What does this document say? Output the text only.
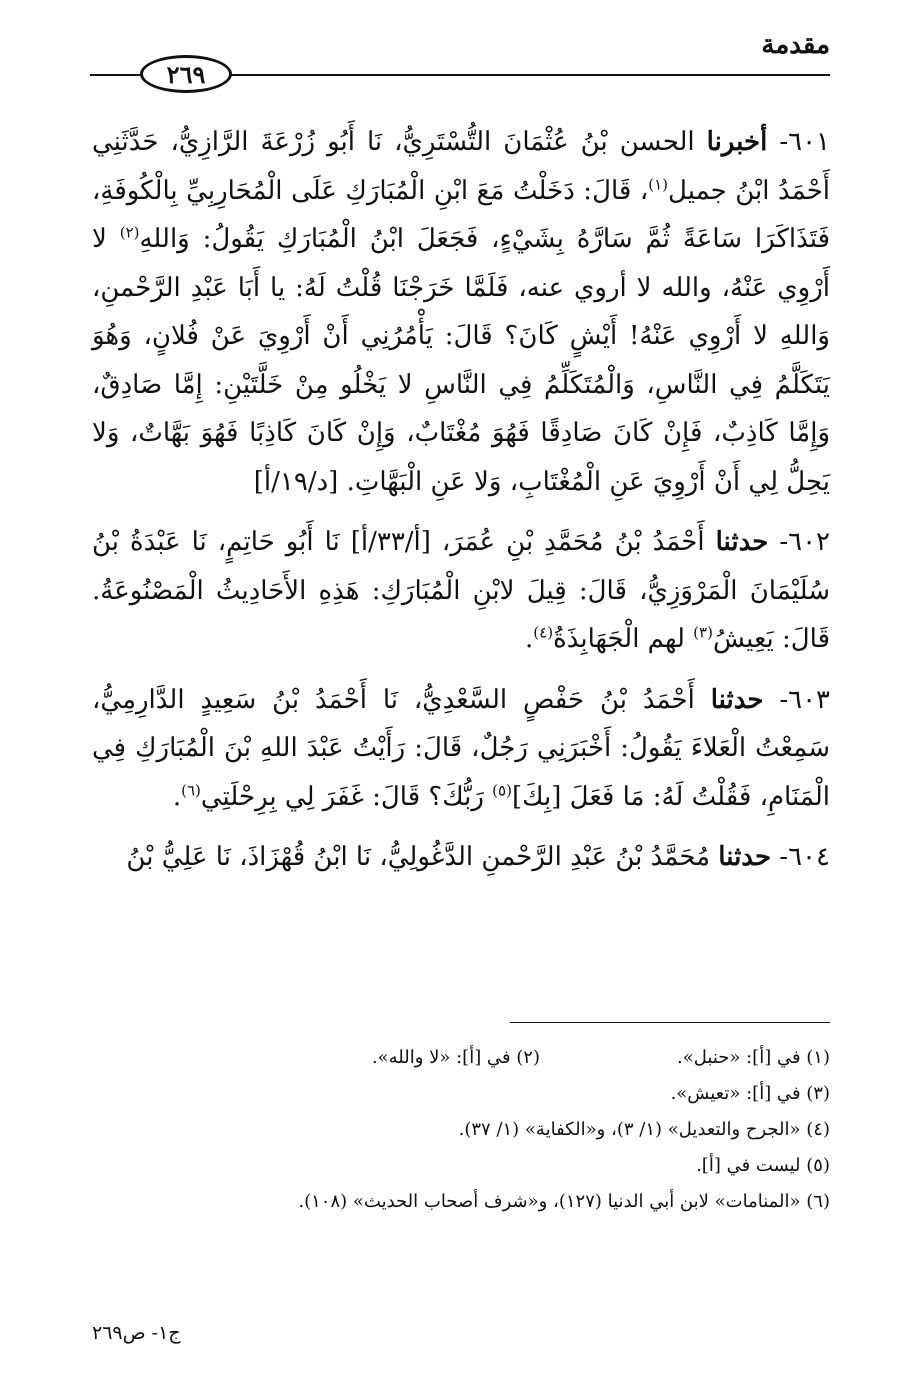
مقدمة
٢٦٩

٦٠١- أخبرنا الحسن بْنُ عُثْمَانَ التُّسْتَرِيُّ، نَا أَبُو زُرْعَةَ الرَّازِيُّ، حَدَّثَنِي أَحْمَدُ ابْنُ جميل$^{(١)}$، قَالَ: دَخَلْتُ مَعَ ابْنِ الْمُبَارَكِ عَلَى الْمُحَارِبِيِّ بِالْكُوفَةِ، فَتَذَاكَرَا سَاعَةً ثُمَّ سَارَّهُ بِشَيْءٍ، فَجَعَلَ ابْنُ الْمُبَارَكِ يَقُولُ: وَاللهِ$^{(٢)}$ لا أَرْوِي عَنْهُ، والله لا أروي عنه، فَلَمَّا خَرَجْنَا قُلْتُ لَهُ: يا أَبَا عَبْدِ الرَّحْمنِ، وَاللهِ لا أَرْوِي عَنْهُ! أَيْشٍ كَانَ؟ قَالَ: يَأْمُرُنِي أَنْ أَرْوِيَ عَنْ فُلانٍ، وَهُوَ يَتَكَلَّمُ فِي النَّاسِ، وَالْمُتَكَلِّمُ فِي النَّاسِ لا يَخْلُو مِنْ خَلَّتَيْنِ: إِمَّا صَادِقٌ، وَإِمَّا كَاذِبٌ، فَإِنْ كَانَ صَادِقًا فَهُوَ مُغْتَابٌ، وَإِنْ كَانَ كَاذِبًا فَهُوَ بَهَّاتٌ، وَلا يَحِلُّ لِي أَنْ أَرْوِيَ عَنِ الْمُغْتَابِ، وَلا عَنِ الْبَهَّاتِ. [د/١٩/أ]

٦٠٢- حدثنا أَحْمَدُ بْنُ مُحَمَّدِ بْنِ عُمَرَ، [أ/٣٣/أ] نَا أَبُو حَاتِمٍ، نَا عَبْدَةُ بْنُ سُلَيْمَانَ الْمَرْوَزِيُّ، قَالَ: قِيلَ لابْنِ الْمُبَارَكِ: هَذِهِ الأَحَادِيثُ الْمَصْنُوعَةُ. قَالَ: يَعِيشُ$^{(٣)}$ لهم الْجَهَابِذَةُ$^{(٤)}$.

٦٠٣- حدثنا أَحْمَدُ بْنُ حَفْصٍ السَّعْدِيُّ، نَا أَحْمَدُ بْنُ سَعِيدٍ الدَّارِمِيُّ، سَمِعْتُ الْعَلاءَ يَقُولُ: أَخْبَرَنِي رَجُلٌ، قَالَ: رَأَيْتُ عَبْدَ اللهِ بْنَ الْمُبَارَكِ فِي الْمَنَامِ، فَقُلْتُ لَهُ: مَا فَعَلَ [بِكَ]$^{(٥)}$ رَبُّكَ؟ قَالَ: غَفَرَ لِي بِرِحْلَتِي$^{(٦)}$.

٦٠٤- حدثنا مُحَمَّدُ بْنُ عَبْدِ الرَّحْمنِ الدَّغُولِيُّ، نَا ابْنُ قُهْزَاذَ، نَا عَلِيُّ بْنُ

(١) في [أ]: «حنبل».
(٢) في [أ]: «لا والله».
(٣) في [أ]: «تعيش».
(٤) «الجرح والتعديل» (١/ ٣)، و«الكفاية» (١/ ٣٧).
(٥) ليست في [أ].
(٦) «المنامات» لابن أبي الدنيا (١٢٧)، و«شرف أصحاب الحديث» (١٠٨).
ج١- ص٢٦٩
